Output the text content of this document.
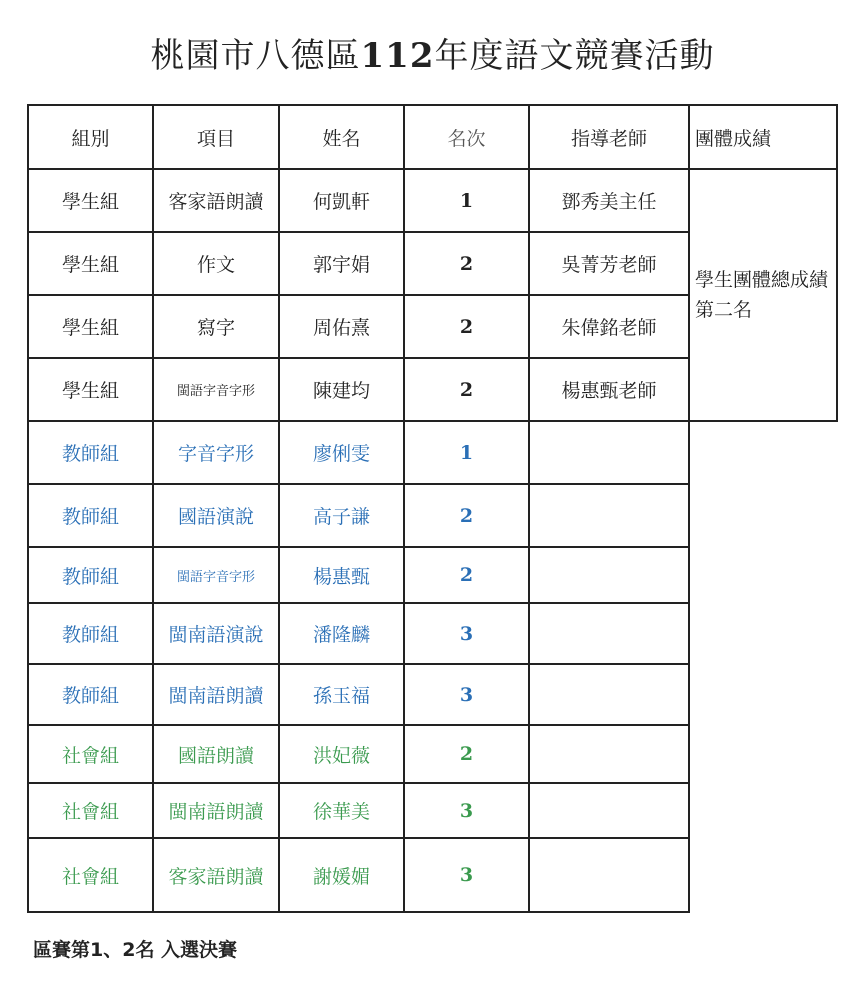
桃園市八德區112年度語文競賽活動
組別	項目	姓名	名次	指導老師	團體成績
學生組	客家語朗讀	何凱軒	1	鄧秀美主任	學生團體總成績第二名
學生組	作文	郭宇娟	2	吳菁芳老師	
學生組	寫字	周佑熹	2	朱偉銘老師	
學生組	閩語字音字形	陳建均	2	楊惠甄老師	
教師組	字音字形	廖俐雯	1		
教師組	國語演說	高子謙	2		
教師組	閩語字音字形	楊惠甄	2		
教師組	閩南語演說	潘隆麟	3		
教師組	閩南語朗讀	孫玉福	3		
社會組	國語朗讀	洪妃薇	2		
社會組	閩南語朗讀	徐華美	3		
社會組	客家語朗讀	謝媛媚	3		
區賽第1、2名 入選決賽
